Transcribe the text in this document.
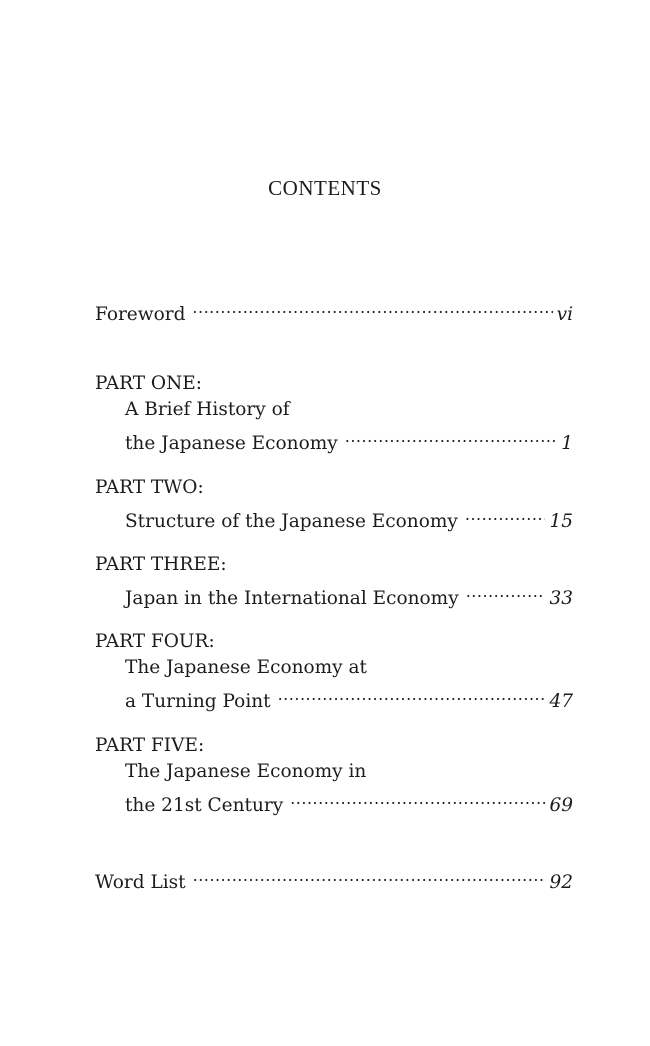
CONTENTS
Foreword .....	vi
PART ONE:
A Brief History of
the Japanese Economy .....	1
PART TWO:
Structure of the Japanese Economy .....	15
PART THREE:
Japan in the International Economy .....	33
PART FOUR:
The Japanese Economy at
a Turning Point .....	47
PART FIVE:
The Japanese Economy in
the 21st Century .....	69
Word List .....	92
